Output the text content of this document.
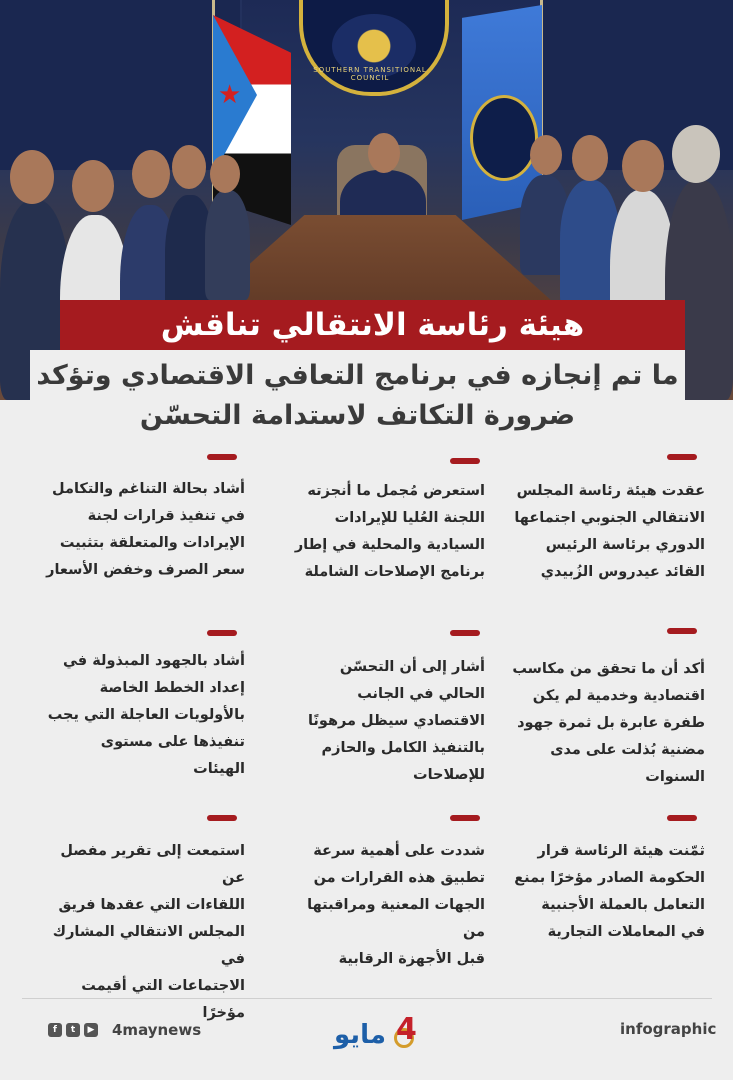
★
SOUTHERN TRANSITIONAL COUNCIL
هيئة رئاسة الانتقالي تناقش
ما تم إنجازه في برنامج التعافي الاقتصادي وتؤكد
ضرورة التكاتف لاستدامة التحسّن
عقدت هيئة رئاسة المجلس
الانتقالي الجنوبي اجتماعها
الدوري برئاسة الرئيس
القائد عيدروس الزُبيدي
استعرض مُجمل ما أنجزته
اللجنة العُليا للإيرادات
السيادية والمحلية في إطار
برنامج الإصلاحات الشاملة
أشاد بحالة التناغم والتكامل
في تنفيذ قرارات لجنة
الإيرادات والمتعلقة بتثبيت
سعر الصرف وخفض الأسعار
أكد أن ما تحقق من مكاسب
اقتصادية وخدمية لم يكن
طفرة عابرة بل ثمرة جهود
مضنية بُذلت على مدى
السنوات
أشار إلى أن التحسّن
الحالي في الجانب
الاقتصادي سيظل مرهونًا
بالتنفيذ الكامل والحازم
للإصلاحات
أشاد بالجهود المبذولة في
إعداد الخطط الخاصة
بالأولويات العاجلة التي يجب
تنفيذها على مستوى
الهيئات
ثمّنت هيئة الرئاسة قرار
الحكومة الصادر مؤخرًا بمنع
التعامل بالعملة الأجنبية
في المعاملات التجارية
شددت على أهمية سرعة
تطبيق هذه القرارات من
الجهات المعنية ومراقبتها من
قبل الأجهزة الرقابية
استمعت إلى تقرير مفصل عن
اللقاءات التي عقدها فريق
المجلس الانتقالي المشارك في
الاجتماعات التي أقيمت مؤخرًا
f	t	▶ 4maynews	مايو 4	infographic
